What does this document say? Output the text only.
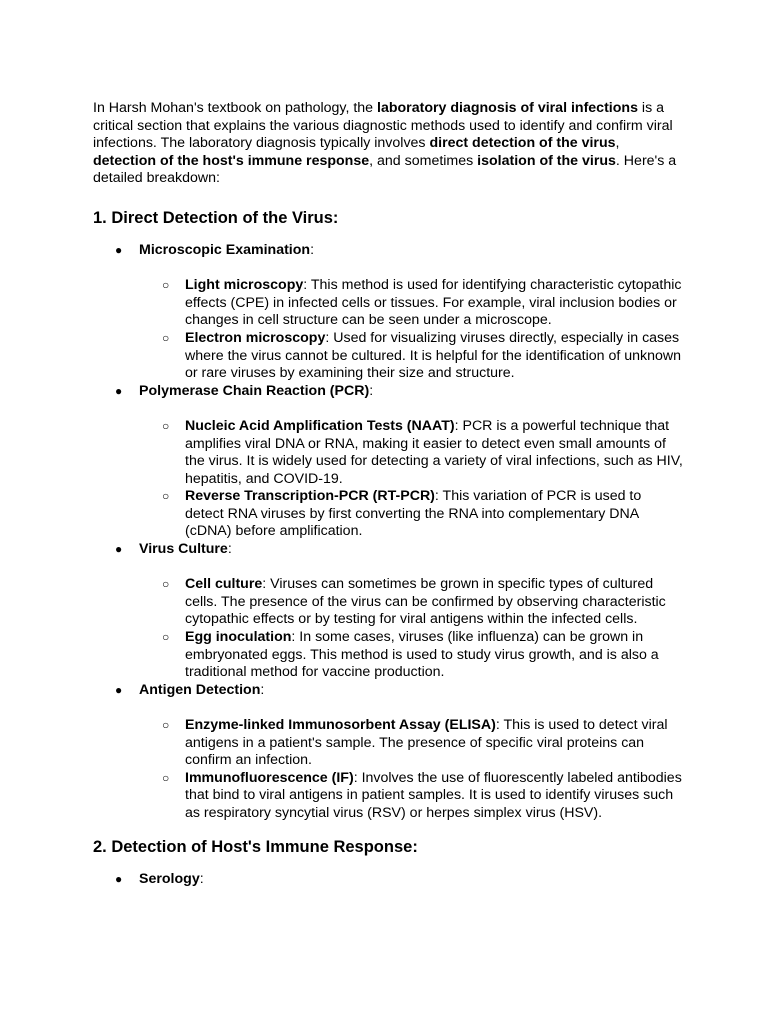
In Harsh Mohan's textbook on pathology, the laboratory diagnosis of viral infections is a critical section that explains the various diagnostic methods used to identify and confirm viral infections. The laboratory diagnosis typically involves direct detection of the virus, detection of the host's immune response, and sometimes isolation of the virus. Here's a detailed breakdown:

1. Direct Detection of the Virus:
● Microscopic Examination:

○ Light microscopy: This method is used for identifying characteristic cytopathic effects (CPE) in infected cells or tissues. For example, viral inclusion bodies or changes in cell structure can be seen under a microscope.
○ Electron microscopy: Used for visualizing viruses directly, especially in cases where the virus cannot be cultured. It is helpful for the identification of unknown or rare viruses by examining their size and structure.
● Polymerase Chain Reaction (PCR):

○ Nucleic Acid Amplification Tests (NAAT): PCR is a powerful technique that amplifies viral DNA or RNA, making it easier to detect even small amounts of the virus. It is widely used for detecting a variety of viral infections, such as HIV, hepatitis, and COVID-19.
○ Reverse Transcription-PCR (RT-PCR): This variation of PCR is used to detect RNA viruses by first converting the RNA into complementary DNA (cDNA) before amplification.
● Virus Culture:

○ Cell culture: Viruses can sometimes be grown in specific types of cultured cells. The presence of the virus can be confirmed by observing characteristic cytopathic effects or by testing for viral antigens within the infected cells.
○ Egg inoculation: In some cases, viruses (like influenza) can be grown in embryonated eggs. This method is used to study virus growth, and is also a traditional method for vaccine production.
● Antigen Detection:

○ Enzyme-linked Immunosorbent Assay (ELISA): This is used to detect viral antigens in a patient's sample. The presence of specific viral proteins can confirm an infection.
○ Immunofluorescence (IF): Involves the use of fluorescently labeled antibodies that bind to viral antigens in patient samples. It is used to identify viruses such as respiratory syncytial virus (RSV) or herpes simplex virus (HSV).
2. Detection of Host's Immune Response:
● Serology:
